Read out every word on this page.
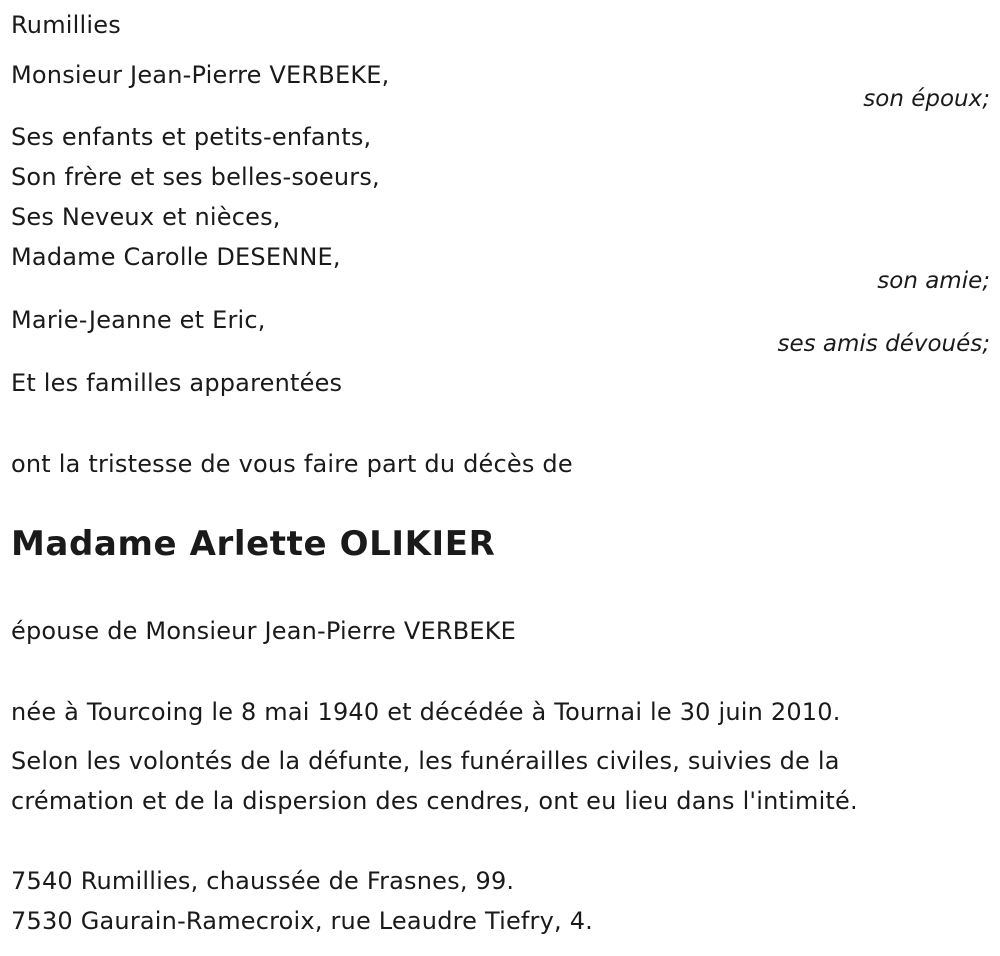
Rumillies
Monsieur Jean-Pierre VERBEKE,
son époux;
Ses enfants et petits-enfants,
Son frère et ses belles-soeurs,
Ses Neveux et nièces,
Madame Carolle DESENNE,
son amie;
Marie-Jeanne et Eric,
ses amis dévoués;
Et les familles apparentées
ont la tristesse de vous faire part du décès de
Madame Arlette OLIKIER
épouse de Monsieur Jean-Pierre VERBEKE
née à Tourcoing le 8 mai 1940 et décédée à Tournai le 30 juin 2010.
Selon les volontés de la défunte, les funérailles civiles, suivies de la
crémation et de la dispersion des cendres, ont eu lieu dans l'intimité.
7540 Rumillies, chaussée de Frasnes, 99.
7530 Gaurain-Ramecroix, rue Leaudre Tiefry, 4.
